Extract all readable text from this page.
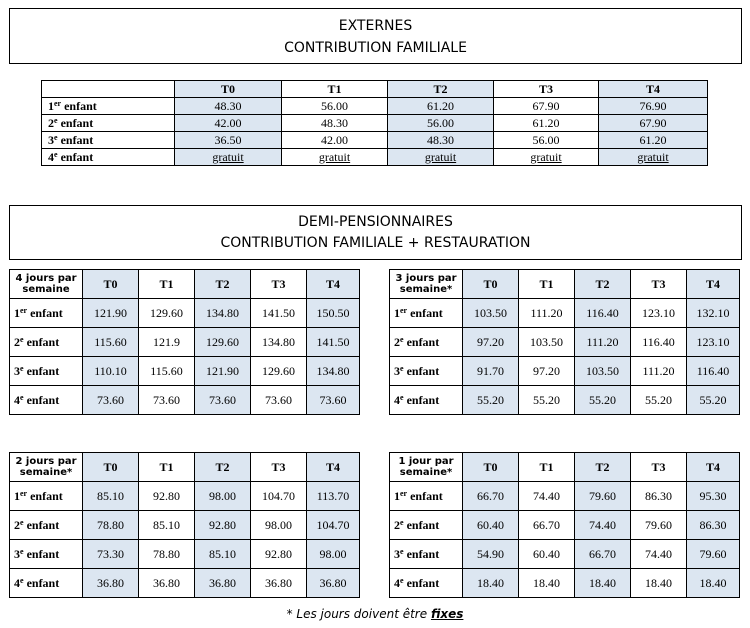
EXTERNES
CONTRIBUTION FAMILIALE
	T0	T1	T2	T3	T4
1er enfant	48.30	56.00	61.20	67.90	76.90
2e enfant	42.00	48.30	56.00	61.20	67.90
3e enfant	36.50	42.00	48.30	56.00	61.20
4e enfant	gratuit	gratuit	gratuit	gratuit	gratuit
DEMI-PENSIONNAIRES
CONTRIBUTION FAMILIALE + RESTAURATION
4 jours par semaine	T0	T1	T2	T3	T4
1er enfant	121.90	129.60	134.80	141.50	150.50
2e enfant	115.60	121.9	129.60	134.80	141.50
3e enfant	110.10	115.60	121.90	129.60	134.80
4e enfant	73.60	73.60	73.60	73.60	73.60
3 jours par semaine*	T0	T1	T2	T3	T4
1er enfant	103.50	111.20	116.40	123.10	132.10
2e enfant	97.20	103.50	111.20	116.40	123.10
3e enfant	91.70	97.20	103.50	111.20	116.40
4e enfant	55.20	55.20	55.20	55.20	55.20
2 jours par semaine*	T0	T1	T2	T3	T4
1er enfant	85.10	92.80	98.00	104.70	113.70
2e enfant	78.80	85.10	92.80	98.00	104.70
3e enfant	73.30	78.80	85.10	92.80	98.00
4e enfant	36.80	36.80	36.80	36.80	36.80
1 jour par semaine*	T0	T1	T2	T3	T4
1er enfant	66.70	74.40	79.60	86.30	95.30
2e enfant	60.40	66.70	74.40	79.60	86.30
3e enfant	54.90	60.40	66.70	74.40	79.60
4e enfant	18.40	18.40	18.40	18.40	18.40
* Les jours doivent être fixes
